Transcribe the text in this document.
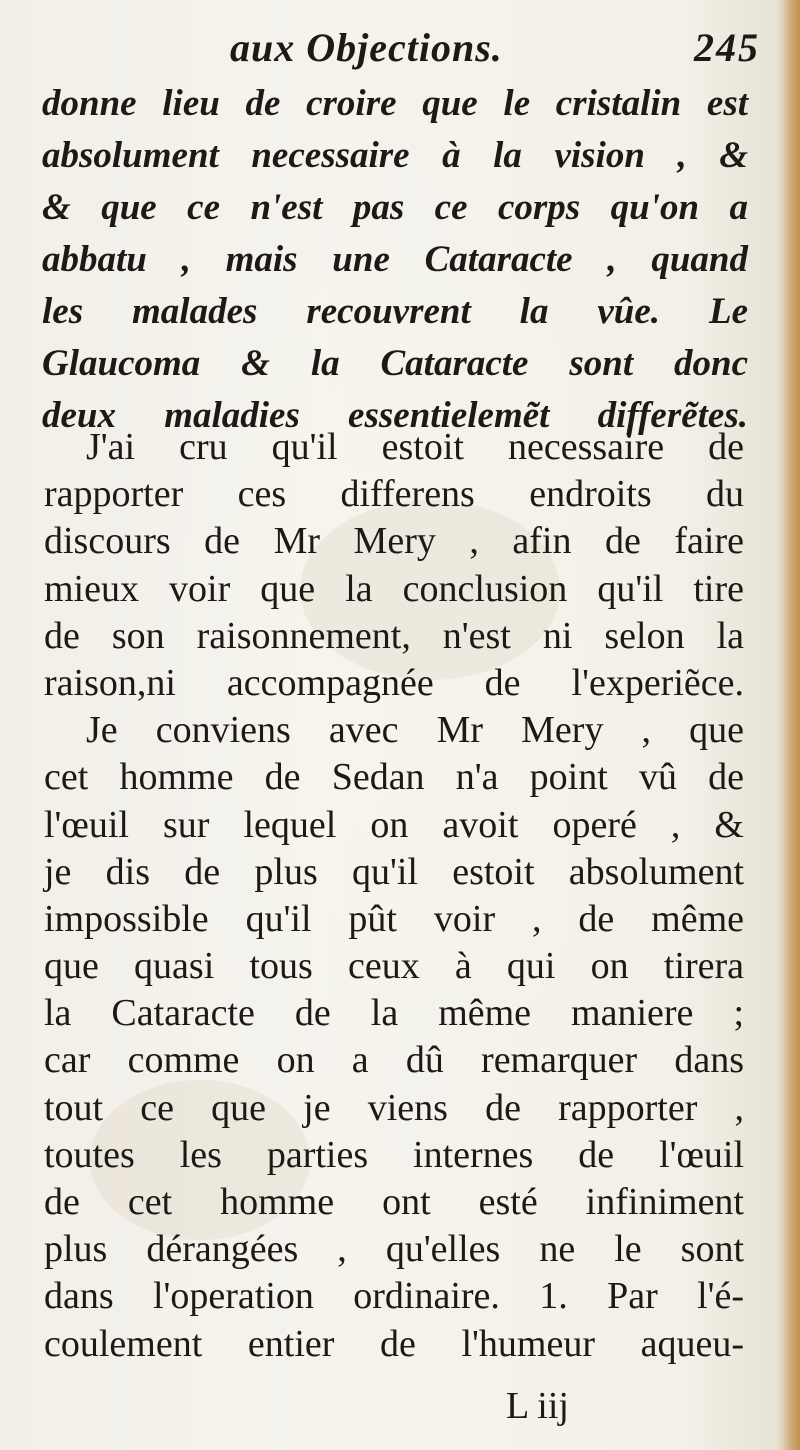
aux Objections.	245
donne lieu de croire que le cristalin est
absolument necessaire à la vision , &
& que ce n'est pas ce corps qu'on a
abbatu , mais une Cataracte , quand
les malades recouvrent la vûe. Le
Glaucoma & la Cataracte sont donc
deux maladies essentielemẽt differẽtes.
J'ai cru qu'il estoit necessaire de
rapporter ces differens endroits du
discours de Mr Mery , afin de faire
mieux voir que la conclusion qu'il tire
de son raisonnement, n'est ni selon la
raison,ni accompagnée de l'experiẽce.
Je conviens avec Mr Mery , que
cet homme de Sedan n'a point vû de
l'œuil sur lequel on avoit operé , &
je dis de plus qu'il estoit absolument
impossible qu'il pût voir , de même
que quasi tous ceux à qui on tirera
la Cataracte de la même maniere ;
car comme on a dû remarquer dans
tout ce que je viens de rapporter ,
toutes les parties internes de l'œuil
de cet homme ont esté infiniment
plus dérangées , qu'elles ne le sont
dans l'operation ordinaire. 1. Par l'é-
coulement entier de l'humeur aqueu-
L iij
